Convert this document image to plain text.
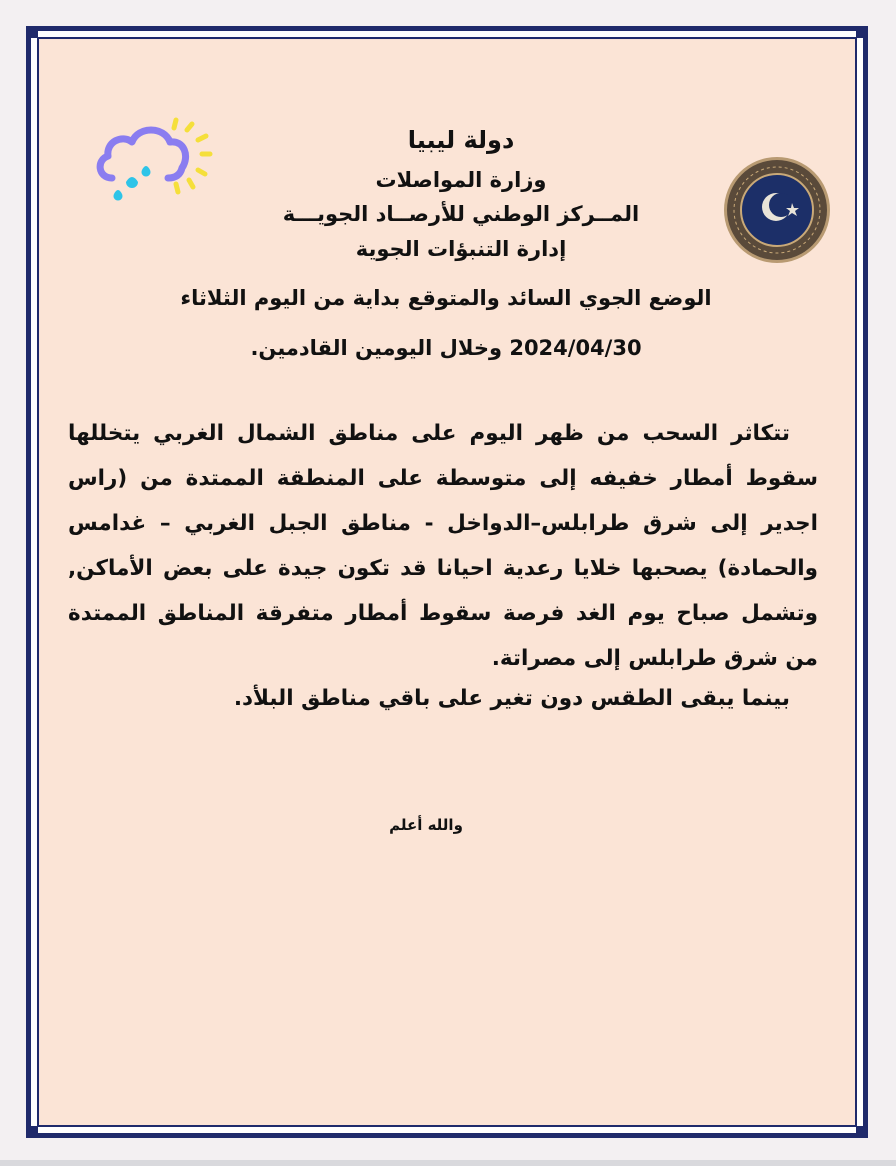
دولة ليبيا
وزارة المواصلات
المــركز الوطني للأرصــاد الجويـــة
إدارة التنبؤات الجوية
الوضع الجوي السائد والمتوقع بداية من اليوم الثلاثاء
2024/04/30 وخلال اليومين القادمين.
تتكاثر السحب من ظهر اليوم على مناطق الشمال الغربي يتخللها سقوط أمطار خفيفه إلى متوسطة على المنطقة الممتدة من (راس اجدير إلى شرق طرابلس–الدواخل - مناطق الجبل الغربي – غدامس والحمادة) يصحبها خلايا رعدية احيانا قد تكون جيدة على بعض الأماكن, وتشمل صباح يوم الغد فرصة سقوط أمطار متفرقة المناطق الممتدة من شرق طرابلس إلى مصراتة.
بينما يبقى الطقس دون تغير على باقي مناطق البلأد.
والله أعلم
